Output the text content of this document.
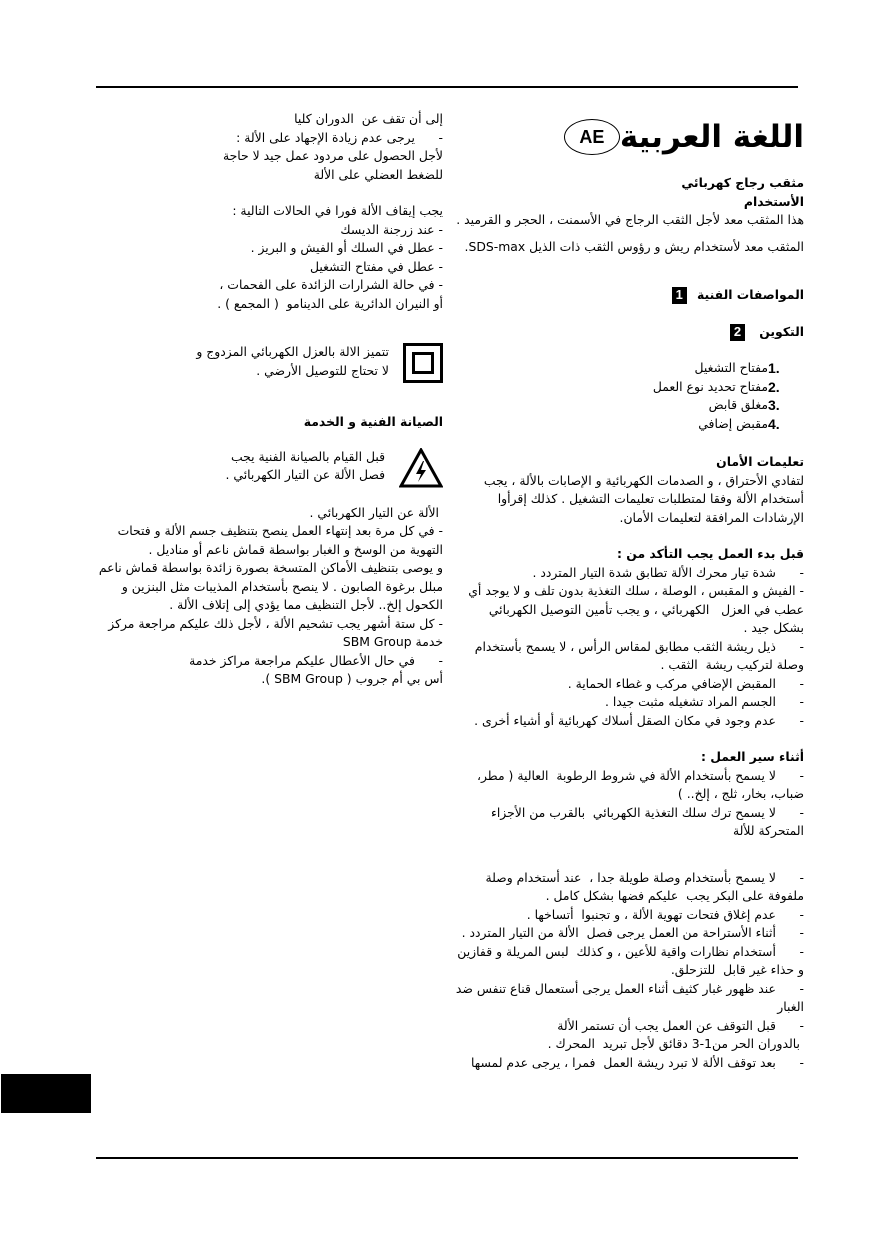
اللغة العربية
AE

مثقب رجاج كهربائي

الأستخدام

هذا المثقب معد لأجل الثقب الرجاج في الأسمنت ، الحجر و القرميد .

المثقب معد لأستخدام ريش و رؤوس الثقب ذات الذيل SDS-max.

المواصفات الفنية 1

التكوين 2

1.
مفتاح التشغيل
2.
مفتاح تحديد نوع العمل
3.
مغلق قابض
4.
مقبض إضافي

تعليمات الأمان

لتفادي الأحتراق ، و الصدمات الكهربائية و الإصابات بالألة ، يجب أستخدام الألة وفقا لمتطلبات تعليمات التشغيل . كذلك إقرأوا الإرشادات المرافقة لتعليمات الأمان.

قبل بدء العمل يجب التأكد من :

-      شدة تيار محرك الألة تطابق شدة التيار المتردد .

- الفيش و المقبس ، الوصلة ، سلك التغذية بدون تلف و لا يوجد أي عطب في العزل   الكهربائي ، و يجب تأمين التوصيل الكهربائي بشكل جيد .

-      ذيل ريشة الثقب مطابق لمقاس الرأس ، لا يسمح بأستخدام وصلة لتركيب ريشة  الثقب .

-      المقبض الإضافي مركب و غطاء الحماية .

-      الجسم المراد تشغيله مثبت جيدا .

-      عدم وجود في مكان الصقل أسلاك كهربائية أو أشياء أخرى .

أثناء سير العمل :

-      لا يسمح بأستخدام الألة في شروط الرطوبة  العالية ( مطر، ضباب، بخار، ثلج ، إلخ.. )

-      لا يسمح ترك سلك التغذية الكهربائي  بالقرب من الأجزاء المتحركة للألة

-      لا يسمح بأستخدام وصلة طويلة جدا ،  عند أستخدام وصلة ملفوفة على البكر يجب  عليكم فضها بشكل كامل .

-      عدم إغلاق فتحات تهوية الألة ، و تجنبوا  أتساخها .

-      أثناء الأستراحة من العمل يرجى فصل  الألة من التيار المتردد .

-      أستخدام نظارات واقية للأعين ، و كذلك  لبس المريلة و قفازين و حذاء غير قابل  للتزحلق.

-      عند ظهور غبار كثيف أثناء العمل يرجى أستعمال قناع تنفس ضد الغبار

-      قبل التوقف عن العمل يجب أن تستمر الألة

بالدوران الحر من1-3 دقائق لأجل تبريد  المحرك .

-      بعد توقف الألة لا تبرد ريشة العمل  فمرا ، يرجى عدم لمسها

إلى أن تقف عن  الدوران كليا

-      يرجى عدم زيادة الإجهاد على الألة :

لأجل الحصول على مردود عمل جيد لا حاجة للضغط العضلي على الألة

يجب إيقاف الألة فورا في الحالات التالية :

- عند زرجنة الديسك

- عطل في السلك أو الفيش و البريز .

- عطل في مفتاح التشغيل

- في حالة الشرارات الزائدة على الفحمات ،

أو النيران الدائرية على الدينامو  ( المجمع ) .

تتميز الالة بالعزل الكهربائي المزدوج و لا تحتاج للتوصيل الأرضي .

الصيانة الفنية و الخدمة

قبل القيام بالصيانة الفنية يجب فصل الألة عن التيار الكهربائي .

الألة عن التيار الكهربائي .

- في كل مرة بعد إنتهاء العمل ينصح بتنظيف جسم الألة و فتحات التهوية من الوسخ و الغبار بواسطة قماش ناعم أو مناديل .

و يوصى بتنظيف الأماكن المتسخة بصورة زائدة بواسطة قماش ناعم مبلل برغوة الصابون . لا ينصح بأستخدام المذيبات مثل البنزين و الكحول إلخ.. لأجل التنظيف مما يؤدي إلى إتلاف الألة .

- كل ستة أشهر يجب تشحيم الألة ، لأجل ذلك عليكم مراجعة مركز خدمة SBM Group

-      في حال الأعطال عليكم مراجعة مراكز خدمة أس بي أم جروب ( SBM Group ).
